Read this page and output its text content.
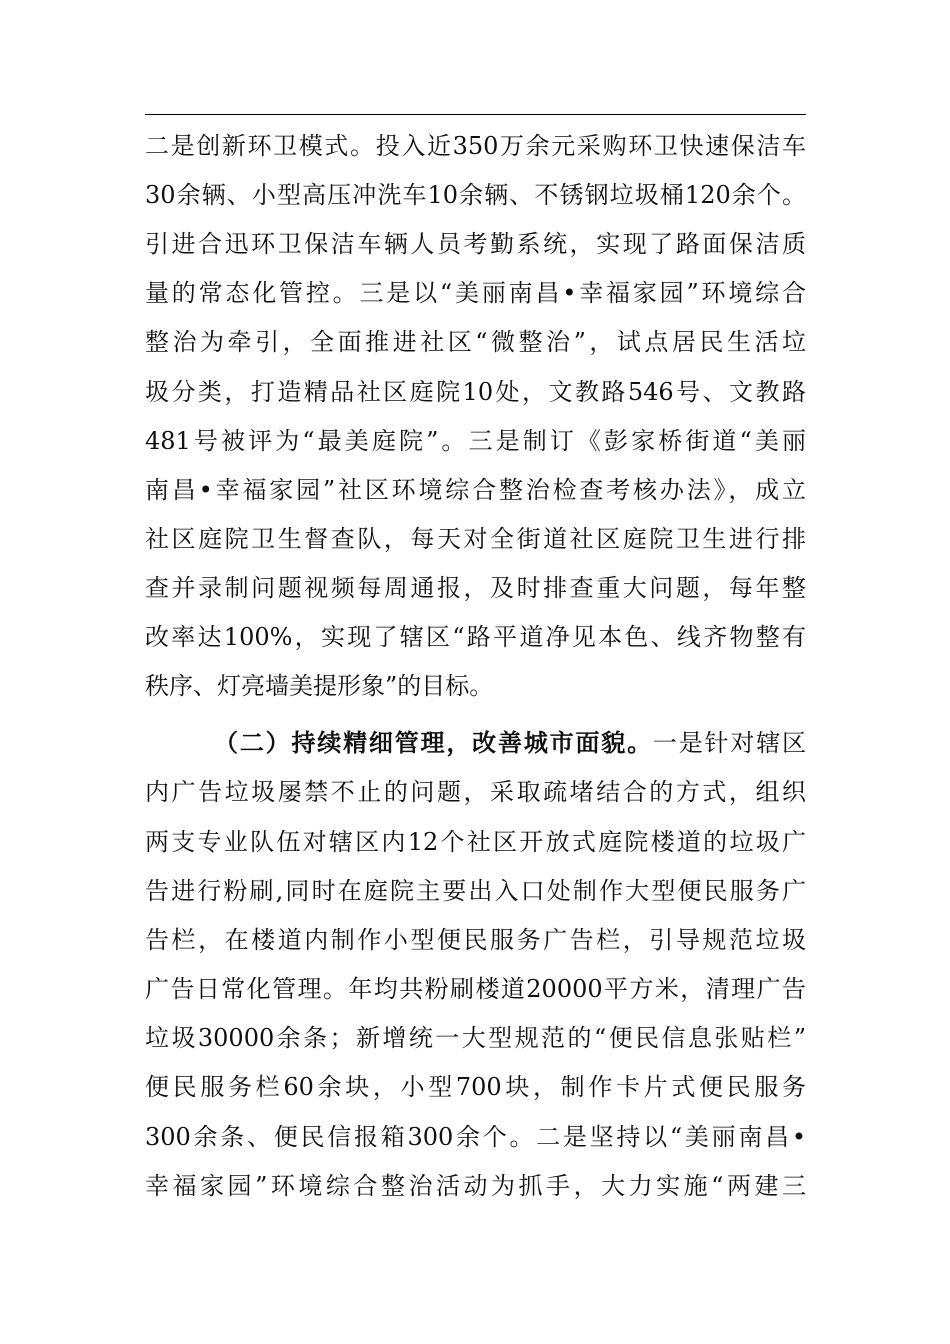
二是创新环卫模式。投入近350万余元采购环卫快速保洁车
30余辆、小型高压冲洗车10余辆、不锈钢垃圾桶120余个。
引进合迅环卫保洁车辆人员考勤系统，实现了路面保洁质
量的常态化管控。三是以“美丽南昌•幸福家园”环境综合
整治为牵引，全面推进社区“微整治”，试点居民生活垃
圾分类，打造精品社区庭院10处，文教路546号、文教路
481号被评为“最美庭院”。三是制订《彭家桥街道“美丽
南昌•幸福家园”社区环境综合整治检查考核办法》，成立
社区庭院卫生督查队，每天对全街道社区庭院卫生进行排
查并录制问题视频每周通报，及时排查重大问题，每年整
改率达100%，实现了辖区“路平道净见本色、线齐物整有
秩序、灯亮墙美提形象”的目标。
（二）持续精细管理，改善城市面貌。一是针对辖区
内广告垃圾屡禁不止的问题，采取疏堵结合的方式，组织
两支专业队伍对辖区内12个社区开放式庭院楼道的垃圾广
告进行粉刷,同时在庭院主要出入口处制作大型便民服务广
告栏，在楼道内制作小型便民服务广告栏，引导规范垃圾
广告日常化管理。年均共粉刷楼道20000平方米，清理广告
垃圾30000余条；新增统一大型规范的“便民信息张贴栏”
便民服务栏60余块，小型700块，制作卡片式便民服务
300余条、便民信报箱300余个。二是坚持以“美丽南昌•
幸福家园”环境综合整治活动为抓手，大力实施“两建三
